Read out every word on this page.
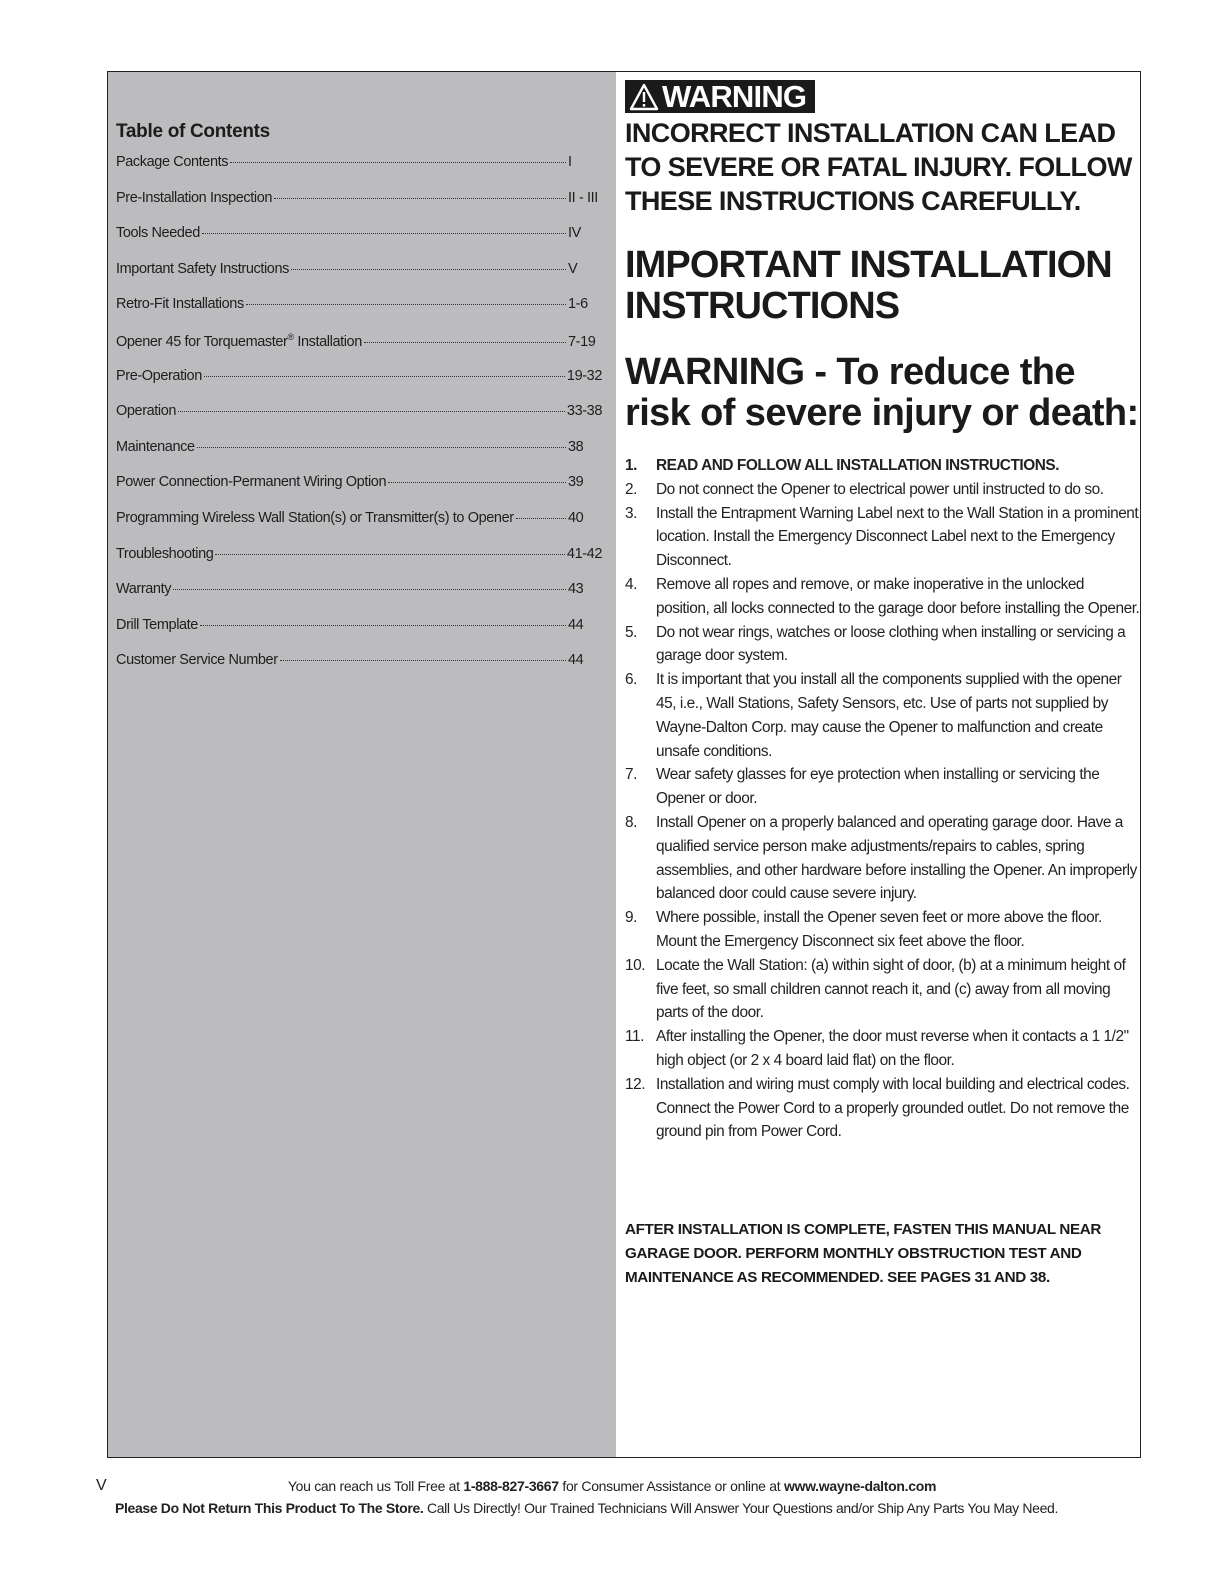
Table of Contents
Package Contents	I
Pre-Installation Inspection	II - III
Tools Needed	IV
Important Safety Instructions	V
Retro-Fit Installations	1-6
Opener 45 for Torquemaster® Installation	7-19
Pre-Operation	19-32
Operation	33-38
Maintenance	38
Power Connection-Permanent Wiring Option	39
Programming Wireless Wall Station(s) or Transmitter(s) to Opener	40
Troubleshooting	41-42
Warranty	43
Drill Template	44
Customer Service Number	44
WARNING
INCORRECT INSTALLATION CAN LEAD TO SEVERE OR FATAL INJURY. FOLLOW THESE INSTRUCTIONS CAREFULLY.
IMPORTANT INSTALLATION INSTRUCTIONS
WARNING - To reduce the risk of severe injury or death:
1.	READ AND FOLLOW ALL INSTALLATION INSTRUCTIONS.
2.	Do not connect the Opener to electrical power until instructed to do so.
3.	Install the Entrapment Warning Label next to the Wall Station in a prominent location. Install the Emergency Disconnect Label next to the Emergency Disconnect.
4.	Remove all ropes and remove, or make inoperative in the unlocked position, all locks connected to the garage door before installing the Opener.
5.	Do not wear rings, watches or loose clothing when installing or servicing a garage door system.
6.	It is important that you install all the components supplied with the opener 45, i.e., Wall Stations, Safety Sensors, etc. Use of parts not supplied by Wayne-Dalton Corp. may cause the Opener to malfunction and create unsafe conditions.
7.	Wear safety glasses for eye protection when installing or servicing the Opener or door.
8.	Install Opener on a properly balanced and operating garage door. Have a qualified service person make adjustments/repairs to cables, spring assemblies, and other hardware before installing the Opener. An improperly balanced door could cause severe injury.
9.	Where possible, install the Opener seven feet or more above the floor. Mount the Emergency Disconnect six feet above the floor.
10. Locate the Wall Station: (a) within sight of door, (b) at a minimum height of five feet, so small children cannot reach it, and (c) away from all moving parts of the door.
11. After installing the Opener, the door must reverse when it contacts a 1 1/2" high object (or 2 x 4 board laid flat) on the floor.
12. Installation and wiring must comply with local building and electrical codes. Connect the Power Cord to a properly grounded outlet. Do not remove the ground pin from Power Cord.
AFTER INSTALLATION IS COMPLETE, FASTEN THIS MANUAL NEAR GARAGE DOOR. PERFORM MONTHLY OBSTRUCTION TEST AND MAINTENANCE AS RECOMMENDED. SEE PAGES 31 AND 38.
V	You can reach us Toll Free at 1-888-827-3667 for Consumer Assistance or online at www.wayne-dalton.com
Please Do Not Return This Product To The Store. Call Us Directly! Our Trained Technicians Will Answer Your Questions and/or Ship Any Parts You May Need.
